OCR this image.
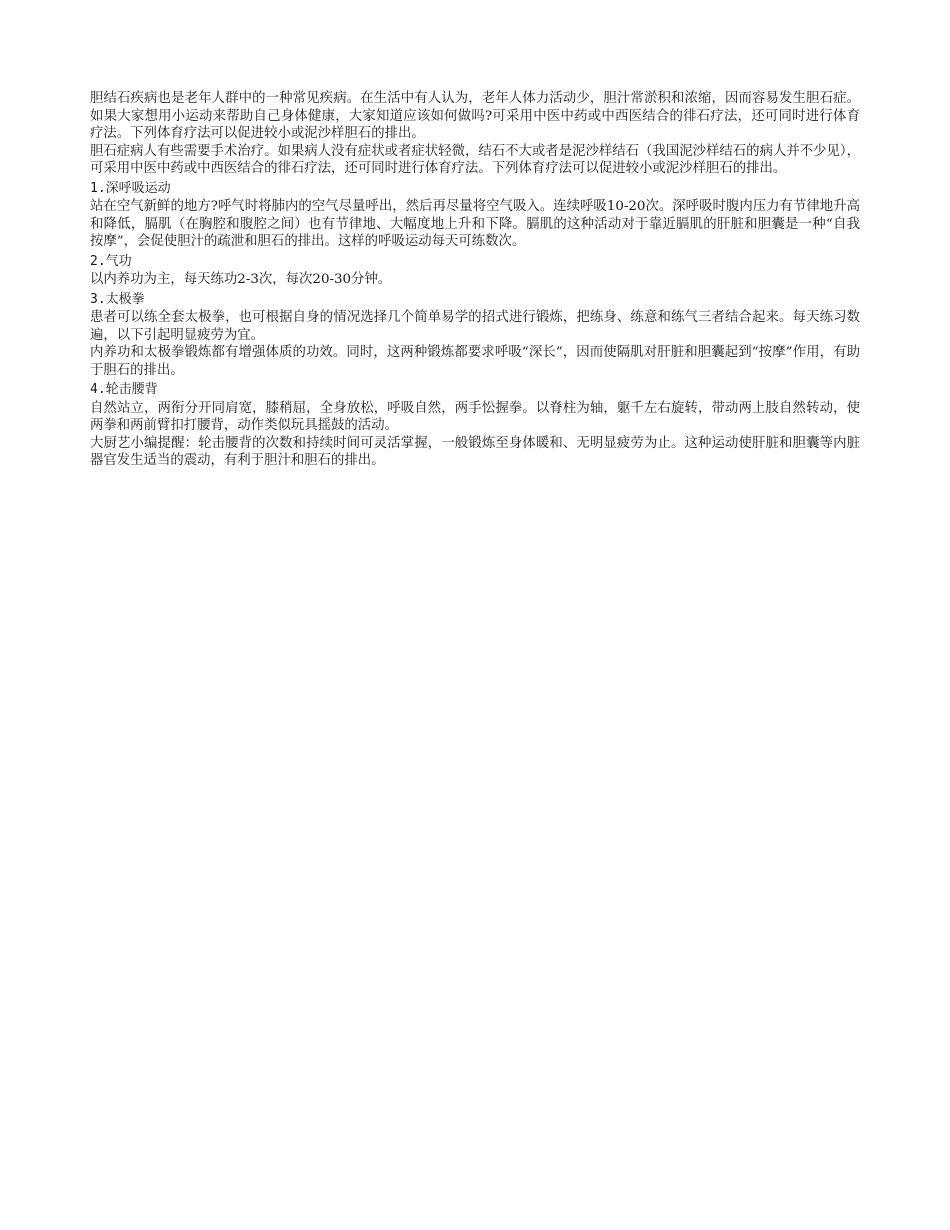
胆结石疾病也是老年人群中的一种常见疾病。在生活中有人认为，老年人体力活动少，胆汁常淤积和浓缩，因而容易发生胆石症。如果大家想用小运动来帮助自己身体健康，大家知道应该如何做吗?可采用中医中药或中西医结合的徘石疗法，还可同时进行体育疗法。下列体育疗法可以促进较小或泥沙样胆石的排出。

胆石症病人有些需要手术治疗。如果病人没有症状或者症状轻微，结石不大或者是泥沙样结石（我国泥沙样结石的病人并不少见），可采用中医中药或中西医结合的徘石疗法，还可同时进行体育疗法。下列体育疗法可以促进较小或泥沙样胆石的排出。

1.深呼吸运动

站在空气新鲜的地方?呼气时将肺内的空气尽量呼出，然后再尽量将空气吸入。连续呼吸10-20次。深呼吸时腹内压力有节律地升高和降低，膈肌（在胸腔和腹腔之间）也有节律地、大幅度地上升和下降。膈肌的这种活动对于靠近膈肌的肝脏和胆囊是一种“自我按摩”，会促使胆汁的疏泄和胆石的排出。这样的呼吸运动每天可练数次。

2.气功

以内养功为主，每天练功2-3次，每次20-30分钟。

3.太极拳

患者可以练全套太极拳，也可根据自身的情况选择几个简单易学的招式进行锻炼，把练身、练意和练气三者结合起来。每天练习数遍，以下引起明显疲劳为宜。

内养功和太极拳锻炼都有增强体质的功效。同时，这两种锻炼都要求呼吸“深长”，因而使隔肌对肝脏和胆囊起到“按摩”作用，有助于胆石的排出。

4.轮击腰背

自然站立，两衔分开同肩宽，膝稍屈，全身放松，呼吸自然，两手忪握拳。以脊柱为轴，躯千左右旋转，带动两上肢自然转动，使两拳和两前臂扣打腰背，动作类似玩具摇鼓的活动。

大厨艺小编提醒：轮击腰背的次数和持续时间可灵活掌握，一般锻炼至身体暖和、无明显疲劳为止。这种运动使肝脏和胆囊等内脏器官发生适当的震动，有利于胆汁和胆石的排出。
